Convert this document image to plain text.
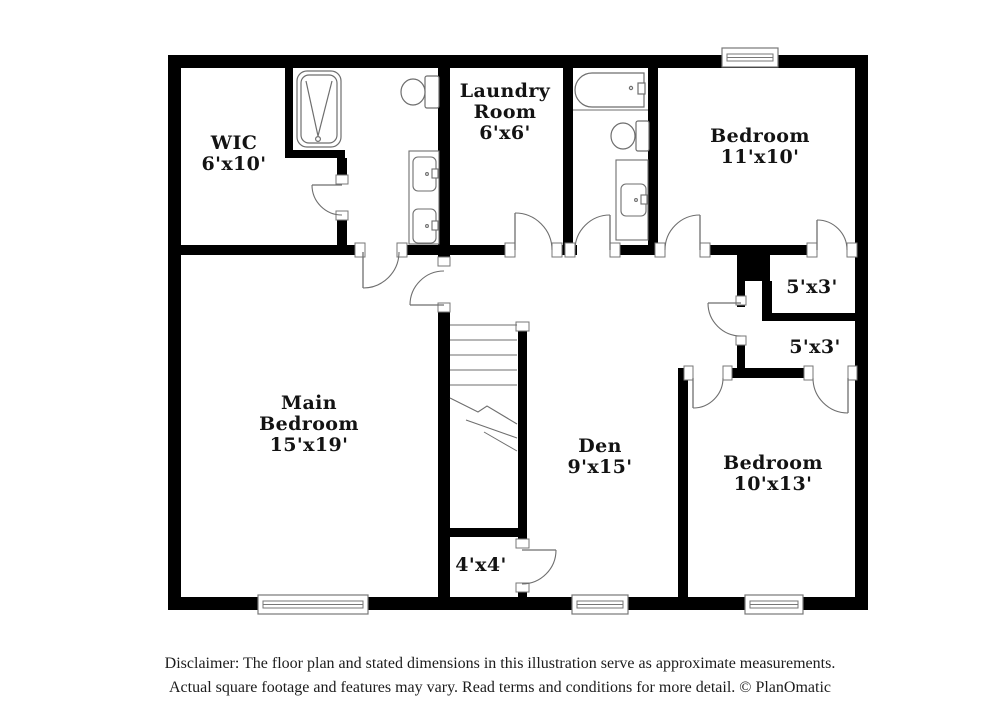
WIC
6'x10'
Laundry
Room
6'x6'	Bedroom
11'x10'
Main
Bedroom
15'x19'	Den
9'x15'
5'x3'
5'x3'
Bedroom
10'x13'
4'x4'
Disclaimer: The floor plan and stated dimensions in this illustration serve as approximate measurements.
Actual square footage and features may vary. Read terms and conditions for more detail. © PlanOmatic
